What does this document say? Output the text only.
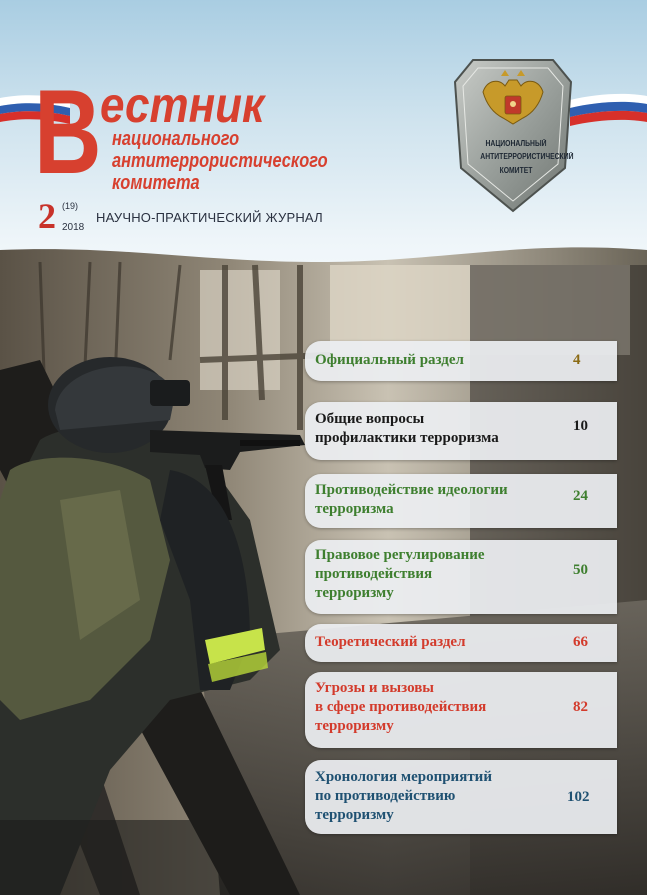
В естник
национального
антитеррористического
комитета
2 (19)
2018
НАУЧНО-ПРАКТИЧЕСКИЙ ЖУРНАЛ
НАЦИОНАЛЬНЫЙ
АНТИТЕРРОРИСТИЧЕСКИЙ
КОМИТЕТ
Официальный раздел	4
Общие вопросы
профилактики терроризма
10
Противодействие идеологии
терроризма
24
Правовое регулирование
противодействия
терроризму
50
Теоретический раздел	66
Угрозы и вызовы
в сфере противодействия
терроризму
82
Хронология мероприятий
по противодействию
терроризму
102
